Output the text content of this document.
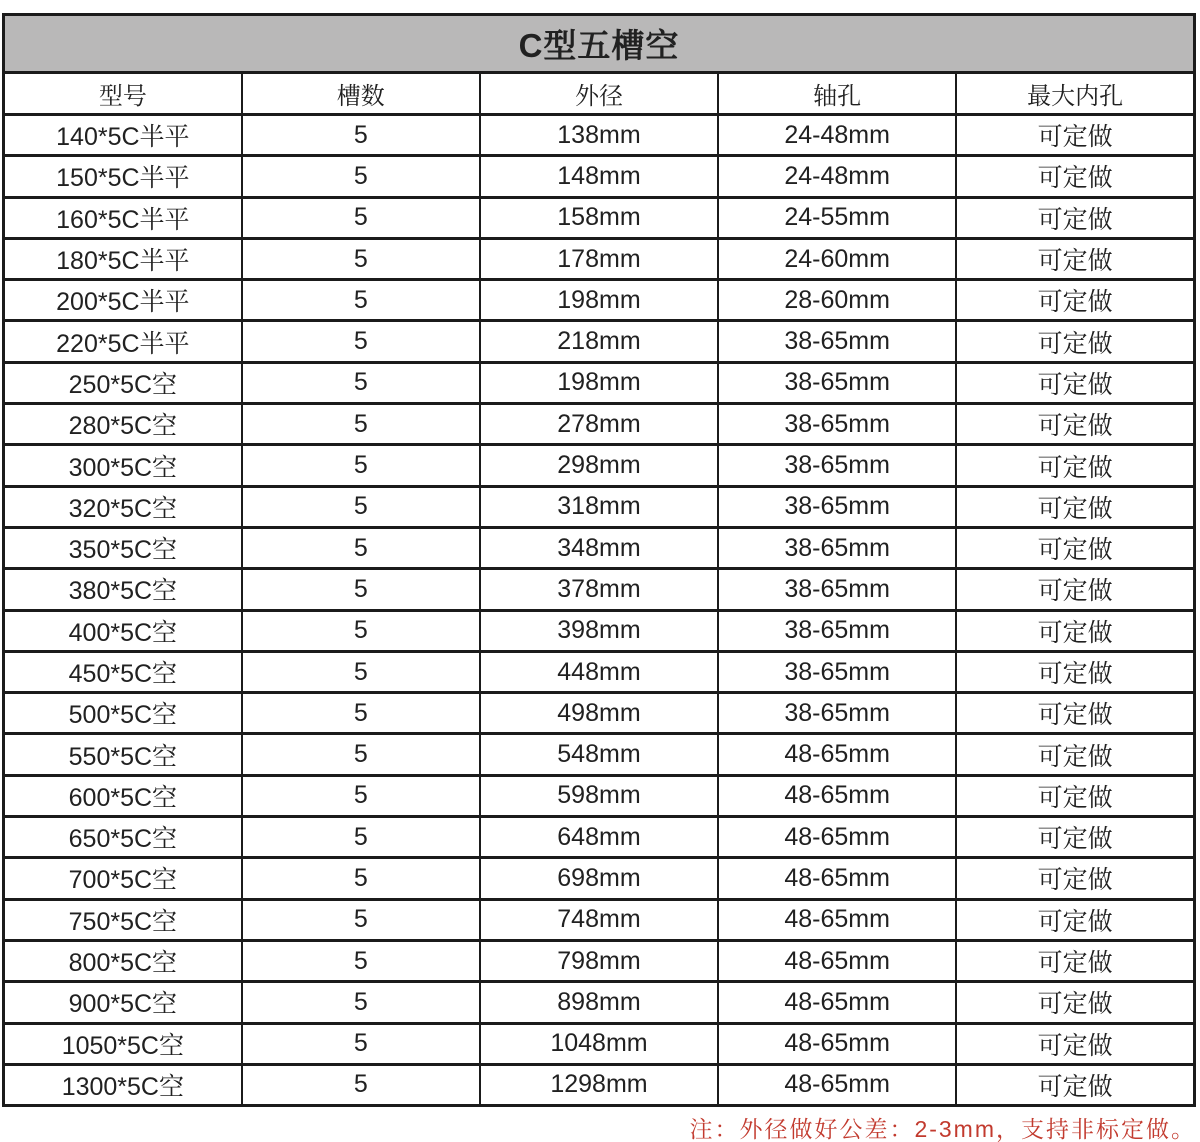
C型五槽空				
型号	槽数	外径	轴孔	最大内孔
140*5C半平	5	138mm	24-48mm	可定做
150*5C半平	5	148mm	24-48mm	可定做
160*5C半平	5	158mm	24-55mm	可定做
180*5C半平	5	178mm	24-60mm	可定做
200*5C半平	5	198mm	28-60mm	可定做
220*5C半平	5	218mm	38-65mm	可定做
250*5C空	5	198mm	38-65mm	可定做
280*5C空	5	278mm	38-65mm	可定做
300*5C空	5	298mm	38-65mm	可定做
320*5C空	5	318mm	38-65mm	可定做
350*5C空	5	348mm	38-65mm	可定做
380*5C空	5	378mm	38-65mm	可定做
400*5C空	5	398mm	38-65mm	可定做
450*5C空	5	448mm	38-65mm	可定做
500*5C空	5	498mm	38-65mm	可定做
550*5C空	5	548mm	48-65mm	可定做
600*5C空	5	598mm	48-65mm	可定做
650*5C空	5	648mm	48-65mm	可定做
700*5C空	5	698mm	48-65mm	可定做
750*5C空	5	748mm	48-65mm	可定做
800*5C空	5	798mm	48-65mm	可定做
900*5C空	5	898mm	48-65mm	可定做
1050*5C空	5	1048mm	48-65mm	可定做
1300*5C空	5	1298mm	48-65mm	可定做
注：外径做好公差：2-3mm，支持非标定做。
